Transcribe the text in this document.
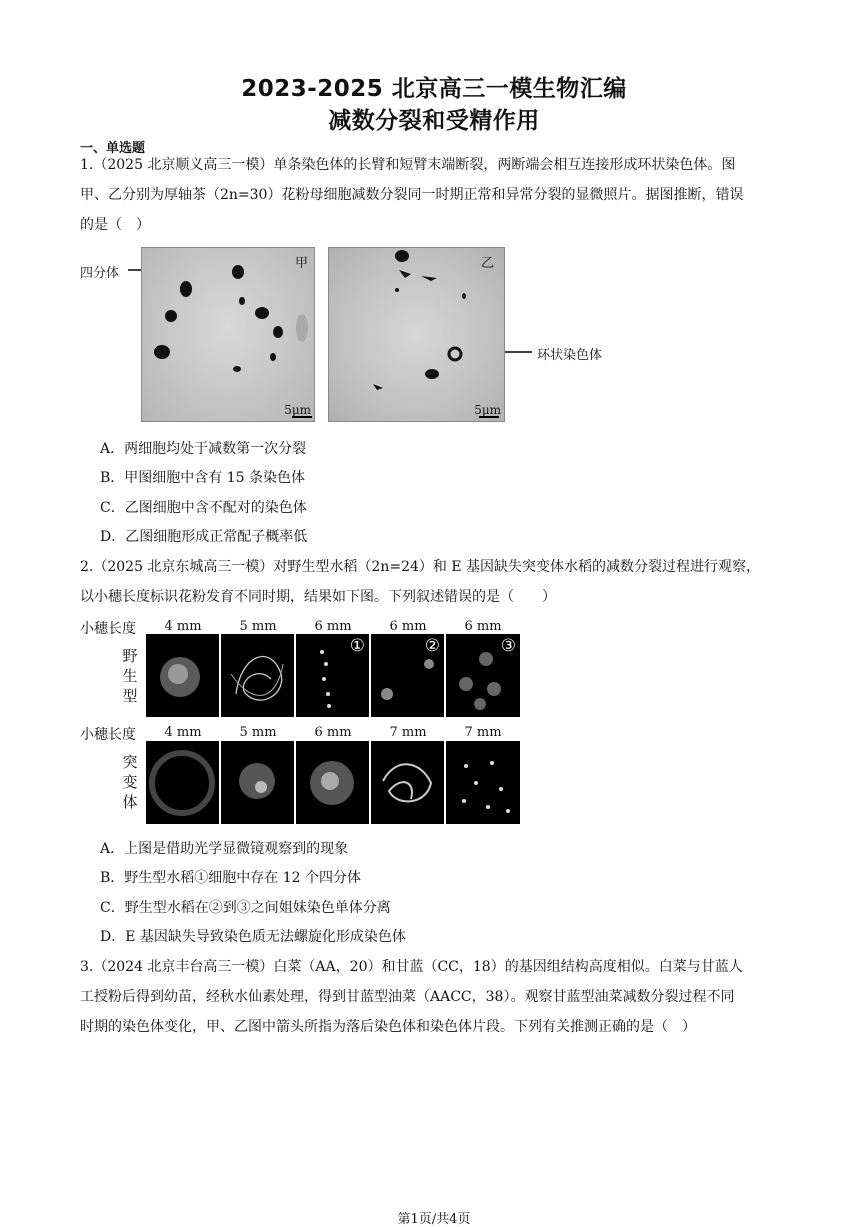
2023-2025 北京高三一模生物汇编
减数分裂和受精作用
一、单选题
1.（2025 北京顺义高三一模）单条染色体的长臂和短臂末端断裂，两断端会相互连接形成环状染色体。图
甲、乙分别为厚轴茶（2n=30）花粉母细胞减数分裂同一时期正常和异常分裂的显微照片。据图推断，错误
的是（　）
四分体
甲
5μm
乙
5μm
环状染色体
A．两细胞均处于减数第一次分裂
B．甲图细胞中含有 15 条染色体
C．乙图细胞中含不配对的染色体
D．乙图细胞形成正常配子概率低
2.（2025 北京东城高三一模）对野生型水稻（2n=24）和 E 基因缺失突变体水稻的减数分裂过程进行观察，
以小穗长度标识花粉发育不同时期，结果如下图。下列叙述错误的是（　　）
小穗长度	4 mm	5 mm	6 mm	6 mm	6 mm
野
生
型
①	②	③
小穗长度	4 mm	5 mm	6 mm	7 mm	7 mm
突
变
体
A．上图是借助光学显微镜观察到的现象
B．野生型水稻①细胞中存在 12 个四分体
C．野生型水稻在②到③之间姐妹染色单体分离
D．E 基因缺失导致染色质无法螺旋化形成染色体
3.（2024 北京丰台高三一模）白菜（AA，20）和甘蓝（CC，18）的基因组结构高度相似。白菜与甘蓝人
工授粉后得到幼苗，经秋水仙素处理，得到甘蓝型油菜（AACC，38）。观察甘蓝型油菜减数分裂过程不同
时期的染色体变化，甲、乙图中箭头所指为落后染色体和染色体片段。下列有关推测正确的是（　）
第1页/共4页
